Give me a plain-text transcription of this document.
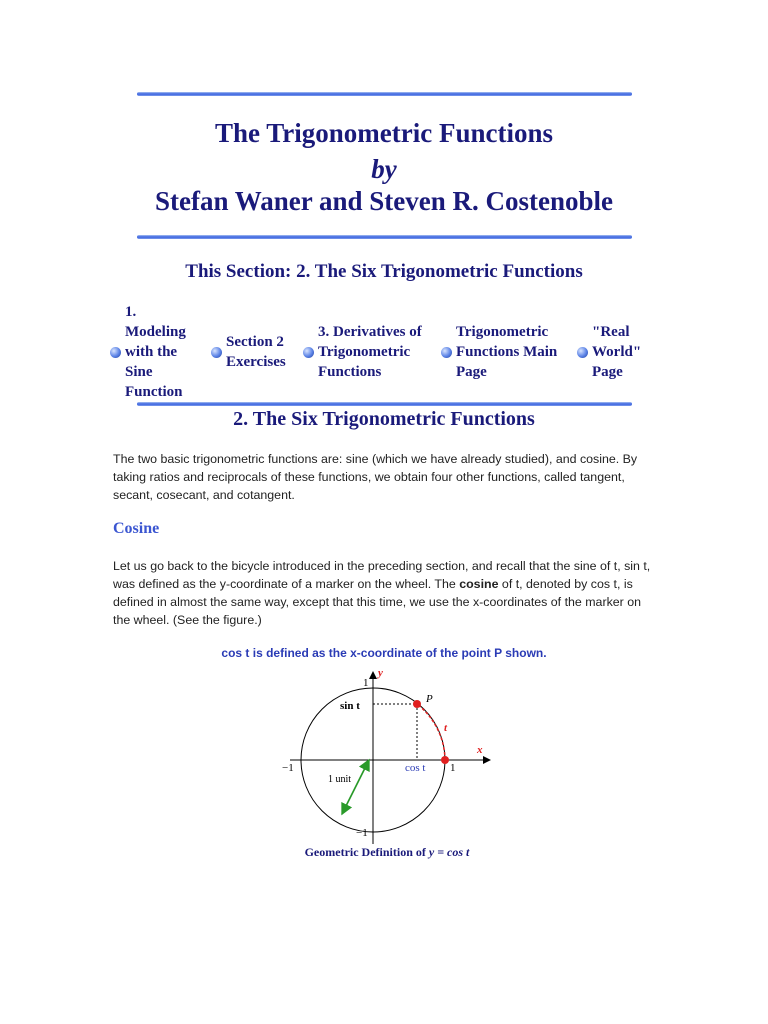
The Trigonometric Functions
by
Stefan Waner and Steven R. Costenoble
This Section: 2. The Six Trigonometric Functions
1.
Modeling
with the
Sine
Function
Section 2
Exercises
3. Derivatives of
Trigonometric
Functions
Trigonometric
Functions Main
Page
"Real
World"
Page
2. The Six Trigonometric Functions
The two basic trigonometric functions are: sine (which we have already studied), and cosine. By taking ratios and reciprocals of these functions, we obtain four other functions, called tangent, secant, cosecant, and cotangent.
Cosine
Let us go back to the bicycle introduced in the preceding section, and recall that the sine of t, sin t, was defined as the y-coordinate of a marker on the wheel. The cosine of t, denoted by cos t, is defined in almost the same way, except that this time, we use the x-coordinates of the marker on the wheel. (See the figure.)
cos t is defined as the x-coordinate of the point P shown.
y
x
1
−1
−1	1
sin t
cos t
P
t
1 unit
Geometric Definition of y = cos t
